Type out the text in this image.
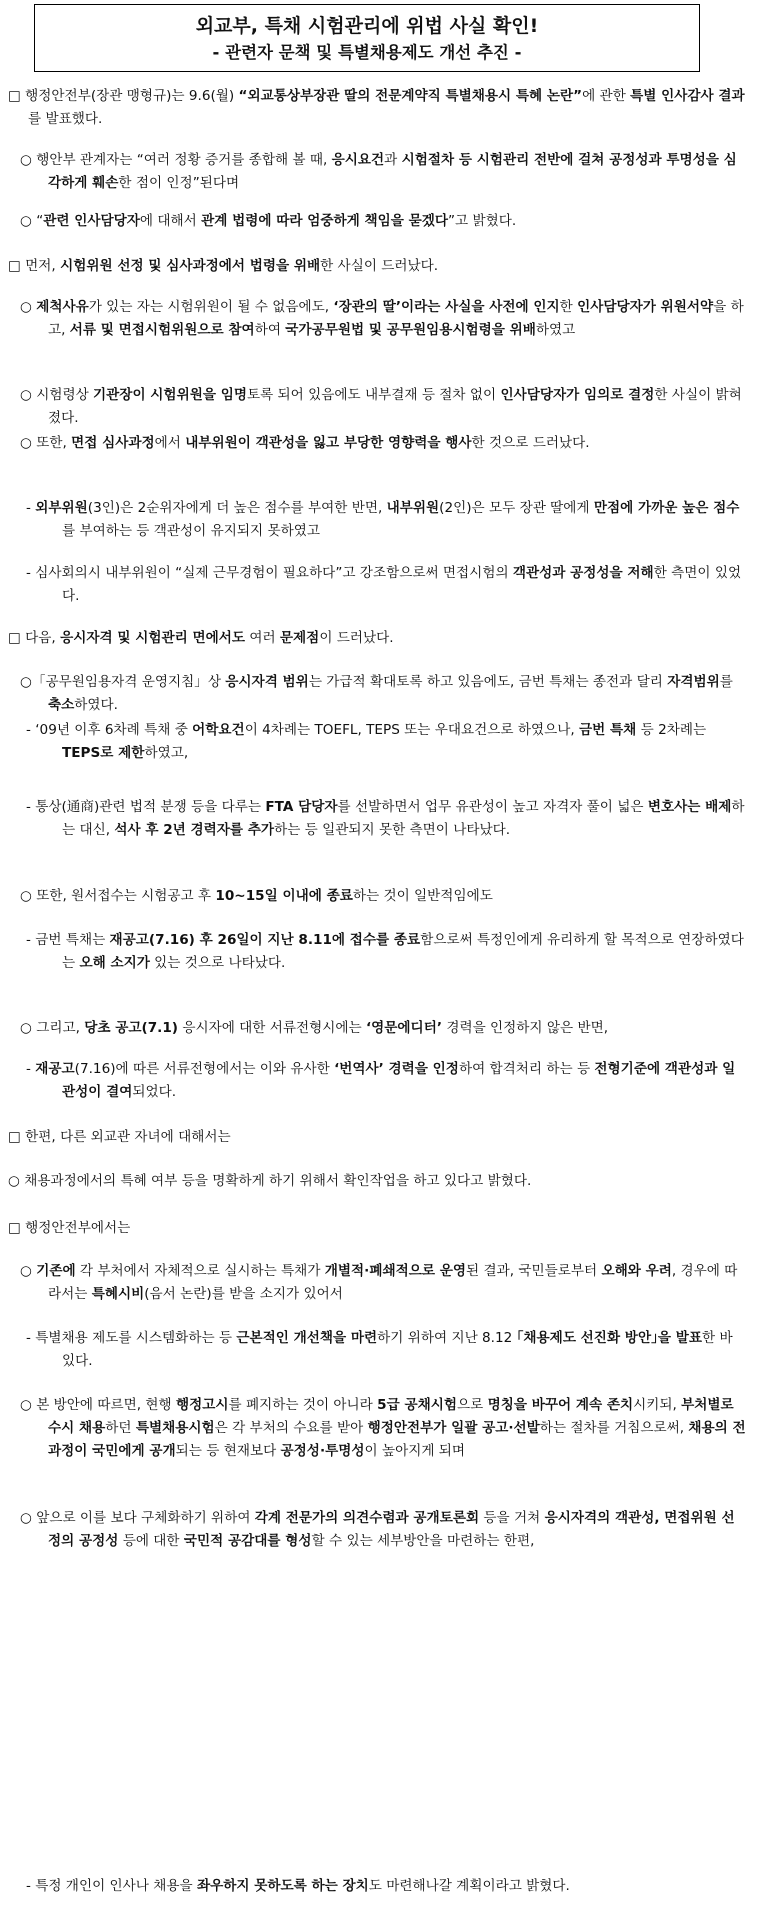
외교부, 특채 시험관리에 위법 사실 확인!
- 관련자 문책 및 특별채용제도 개선 추진 -
□ 행정안전부(장관 맹형규)는 9.6(월) “외교통상부장관 딸의 전문계약직 특별채용시 특혜 논란”에 관한 특별 인사감사 결과를 발표했다.
○ 행안부 관계자는 “여러 정황 증거를 종합해 볼 때, 응시요건과 시험절차 등 시험관리 전반에 걸쳐 공정성과 투명성을 심각하게 훼손한 점이 인정”된다며
○ “관련 인사담당자에 대해서 관계 법령에 따라 엄중하게 책임을 묻겠다”고 밝혔다.
□ 먼저, 시험위원 선정 및 심사과정에서 법령을 위배한 사실이 드러났다.
○ 제척사유가 있는 자는 시험위원이 될 수 없음에도, ‘장관의 딸’이라는 사실을 사전에 인지한 인사담당자가 위원서약을 하고, 서류 및 면접시험위원으로 참여하여 국가공무원법 및 공무원임용시험령을 위배하였고
○ 시험령상 기관장이 시험위원을 임명토록 되어 있음에도 내부결재 등 절차 없이 인사담당자가 임의로 결정한 사실이 밝혀졌다.
○ 또한, 면접 심사과정에서 내부위원이 객관성을 잃고 부당한 영향력을 행사한 것으로 드러났다.
- 외부위원(3인)은 2순위자에게 더 높은 점수를 부여한 반면, 내부위원(2인)은 모두 장관 딸에게 만점에 가까운 높은 점수를 부여하는 등 객관성이 유지되지 못하였고
- 심사회의시 내부위원이 “실제 근무경험이 필요하다”고 강조함으로써 면접시험의 객관성과 공정성을 저해한 측면이 있었다.
□ 다음, 응시자격 및 시험관리 면에서도 여러 문제점이 드러났다.
○「공무원임용자격 운영지침」상 응시자격 범위는 가급적 확대토록 하고 있음에도, 금번 특채는 종전과 달리 자격범위를 축소하였다.
- ‘09년 이후 6차례 특채 중 어학요건이 4차례는 TOEFL, TEPS 또는 우대요건으로 하였으나, 금번 특채 등 2차례는 TEPS로 제한하였고,
- 통상(通商)관련 법적 분쟁 등을 다루는 FTA 담당자를 선발하면서 업무 유관성이 높고 자격자 풀이 넓은 변호사는 배제하는 대신, 석사 후 2년 경력자를 추가하는 등 일관되지 못한 측면이 나타났다.
○ 또한, 원서접수는 시험공고 후 10~15일 이내에 종료하는 것이 일반적임에도
- 금번 특채는 재공고(7.16) 후 26일이 지난 8.11에 접수를 종료함으로써 특정인에게 유리하게 할 목적으로 연장하였다는 오해 소지가 있는 것으로 나타났다.
○ 그리고, 당초 공고(7.1) 응시자에 대한 서류전형시에는 ‘영문에디터’ 경력을 인정하지 않은 반면,
- 재공고(7.16)에 따른 서류전형에서는 이와 유사한 ‘번역사’ 경력을 인정하여 합격처리 하는 등 전형기준에 객관성과 일관성이 결여되었다.
□ 한편, 다른 외교관 자녀에 대해서는
○ 채용과정에서의 특혜 여부 등을 명확하게 하기 위해서 확인작업을 하고 있다고 밝혔다.
□ 행정안전부에서는
○ 기존에 각 부처에서 자체적으로 실시하는 특채가 개별적·폐쇄적으로 운영된 결과, 국민들로부터 오해와 우려, 경우에 따라서는 특혜시비(음서 논란)를 받을 소지가 있어서
- 특별채용 제도를 시스템화하는 등 근본적인 개선책을 마련하기 위하여 지난 8.12 ｢채용제도 선진화 방안｣을 발표한 바 있다.
○ 본 방안에 따르면, 현행 행정고시를 폐지하는 것이 아니라 5급 공채시험으로 명칭을 바꾸어 계속 존치시키되, 부처별로 수시 채용하던 특별채용시험은 각 부처의 수요를 받아 행정안전부가 일괄 공고·선발하는 절차를 거침으로써, 채용의 전 과정이 국민에게 공개되는 등 현재보다 공정성·투명성이 높아지게 되며
○ 앞으로 이를 보다 구체화하기 위하여 각계 전문가의 의견수렴과 공개토론회 등을 거쳐 응시자격의 객관성, 면접위원 선정의 공정성 등에 대한 국민적 공감대를 형성할 수 있는 세부방안을 마련하는 한편,
- 특정 개인이 인사나 채용을 좌우하지 못하도록 하는 장치도 마련해나갈 계획이라고 밝혔다.
